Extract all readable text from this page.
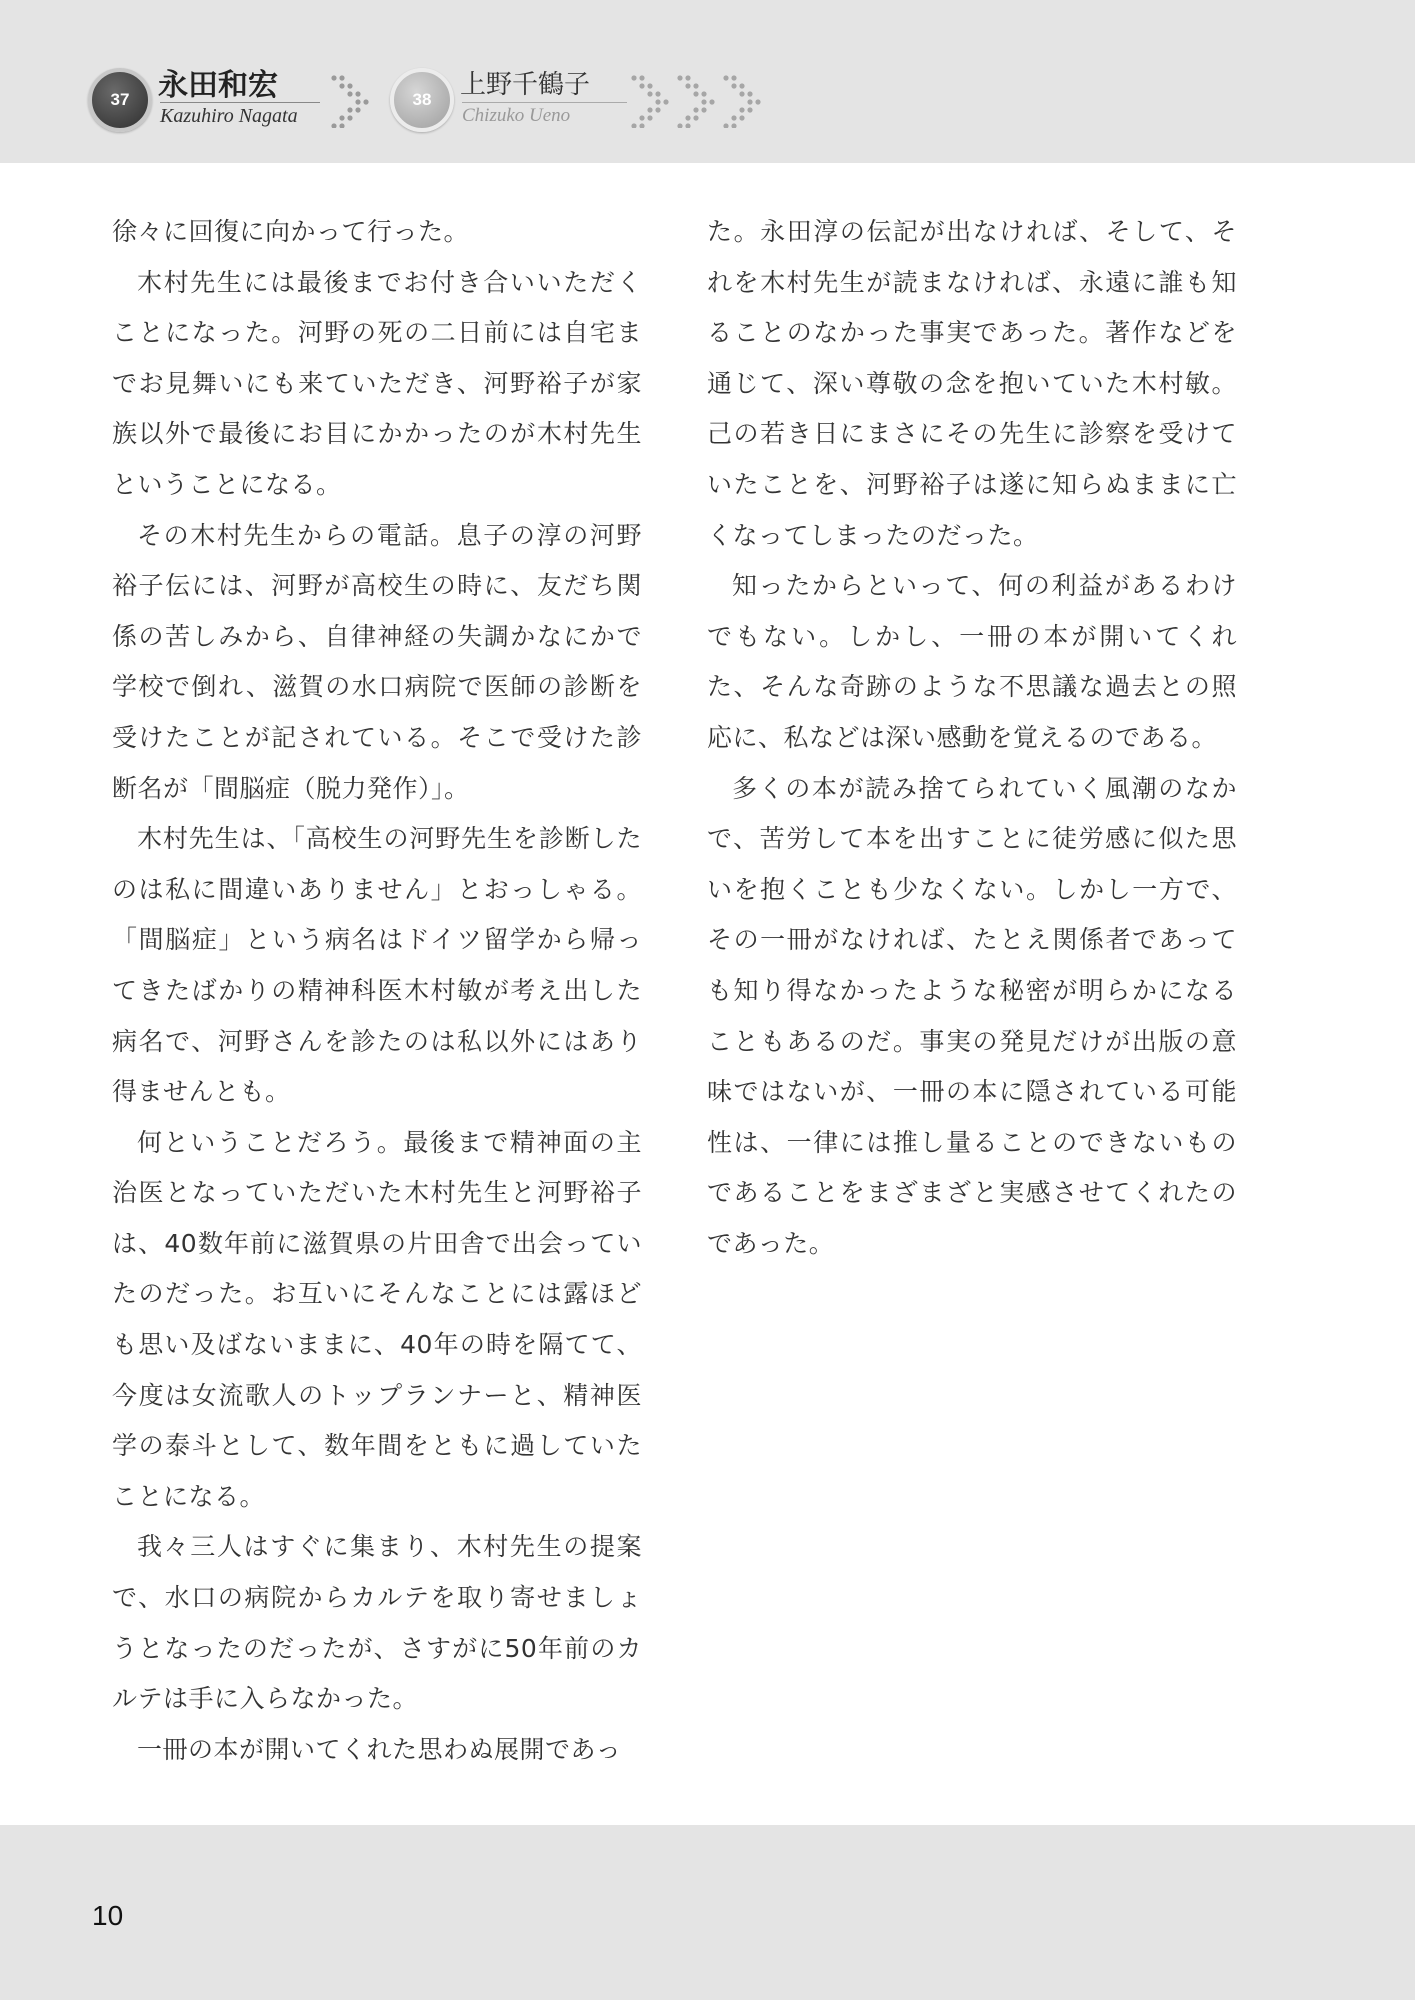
37 永田和宏
Kazuhiro Nagata
38	上野千鶴子
Chizuko Ueno

徐々に回復に向かって行った。

木村先生には最後までお付き合いいただくことになった。河野の死の二日前には自宅までお見舞いにも来ていただき、河野裕子が家族以外で最後にお目にかかったのが木村先生ということになる。

その木村先生からの電話。息子の淳の河野裕子伝には、河野が高校生の時に、友だち関係の苦しみから、自律神経の失調かなにかで学校で倒れ、滋賀の水口病院で医師の診断を受けたことが記されている。そこで受けた診断名が「間脳症（脱力発作）」。

木村先生は、「高校生の河野先生を診断したのは私に間違いありません」とおっしゃる。「間脳症」という病名はドイツ留学から帰ってきたばかりの精神科医木村敏が考え出した病名で、河野さんを診たのは私以外にはあり得ませんとも。

何ということだろう。最後まで精神面の主治医となっていただいた木村先生と河野裕子は、40数年前に滋賀県の片田舎で出会っていたのだった。お互いにそんなことには露ほども思い及ばないままに、40年の時を隔てて、今度は女流歌人のトップランナーと、精神医学の泰斗として、数年間をともに過していたことになる。

我々三人はすぐに集まり、木村先生の提案で、水口の病院からカルテを取り寄せましょうとなったのだったが、さすがに50年前のカルテは手に入らなかった。

一冊の本が開いてくれた思わぬ展開であっ

た。永田淳の伝記が出なければ、そして、それを木村先生が読まなければ、永遠に誰も知ることのなかった事実であった。著作などを通じて、深い尊敬の念を抱いていた木村敏。己の若き日にまさにその先生に診察を受けていたことを、河野裕子は遂に知らぬままに亡くなってしまったのだった。

知ったからといって、何の利益があるわけでもない。しかし、一冊の本が開いてくれた、そんな奇跡のような不思議な過去との照応に、私などは深い感動を覚えるのである。

多くの本が読み捨てられていく風潮のなかで、苦労して本を出すことに徒労感に似た思いを抱くことも少なくない。しかし一方で、その一冊がなければ、たとえ関係者であっても知り得なかったような秘密が明らかになることもあるのだ。事実の発見だけが出版の意味ではないが、一冊の本に隠されている可能性は、一律には推し量ることのできないものであることをまざまざと実感させてくれたのであった。

10
